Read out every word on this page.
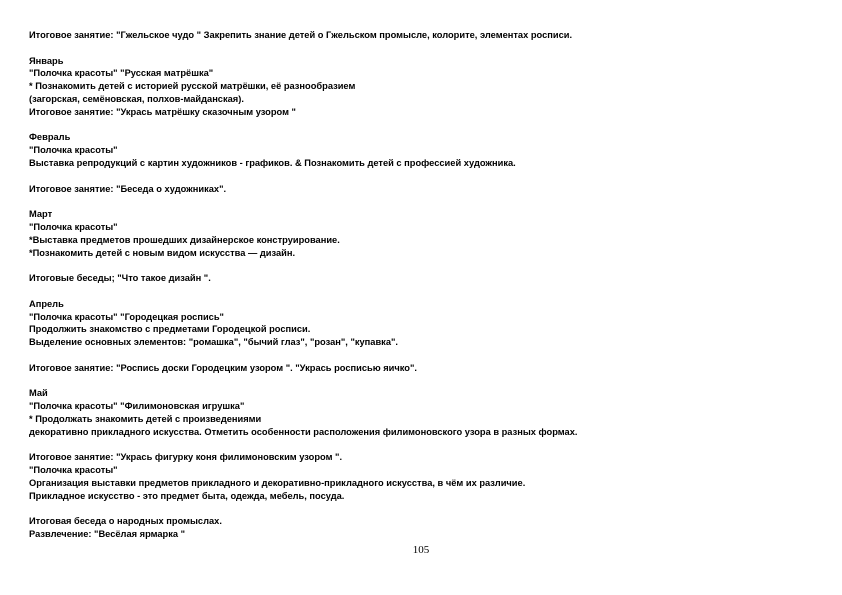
Итоговое занятие: "Гжельское чудо " Закрепить знание детей о Гжельском промысле, колорите, элементах росписи.
Январь
"Полочка красоты" "Русская матрёшка"
* Познакомить детей с историей русской матрёшки, её разнообразием
(загорская, семёновская, полхов-майданская).
Итоговое занятие: "Укрась матрёшку сказочным узором "
Февраль
"Полочка красоты"
Выставка репродукций с картин художников - графиков. & Познакомить детей с профессией художника.
Итоговое занятие: "Беседа о художниках".
Март
"Полочка красоты"
*Выставка предметов прошедших дизайнерское конструирование.
*Познакомить детей с новым видом искусства — дизайн.
Итоговые беседы; "Что такое дизайн ".
Апрель
"Полочка красоты" "Городецкая роспись"
Продолжить знакомство с предметами Городецкой росписи.
Выделение основных элементов: "ромашка", "бычий глаз", "розан", "купавка".
Итоговое занятие: "Роспись доски Городецким узором ". "Укрась росписью яичко".
Май
"Полочка красоты" "Филимоновская игрушка"
* Продолжать знакомить детей с произведениями
декоративно прикладного искусства. Отметить особенности расположения филимоновского узора в разных формах.
Итоговое занятие: "Укрась фигурку коня филимоновским узором ".
"Полочка красоты"
Организация выставки предметов прикладного и декоративно-прикладного искусства, в чём их различие.
Прикладное искусство - это предмет быта, одежда, мебель, посуда.
Итоговая беседа о народных промыслах.
Развлечение: "Весёлая ярмарка "
105
